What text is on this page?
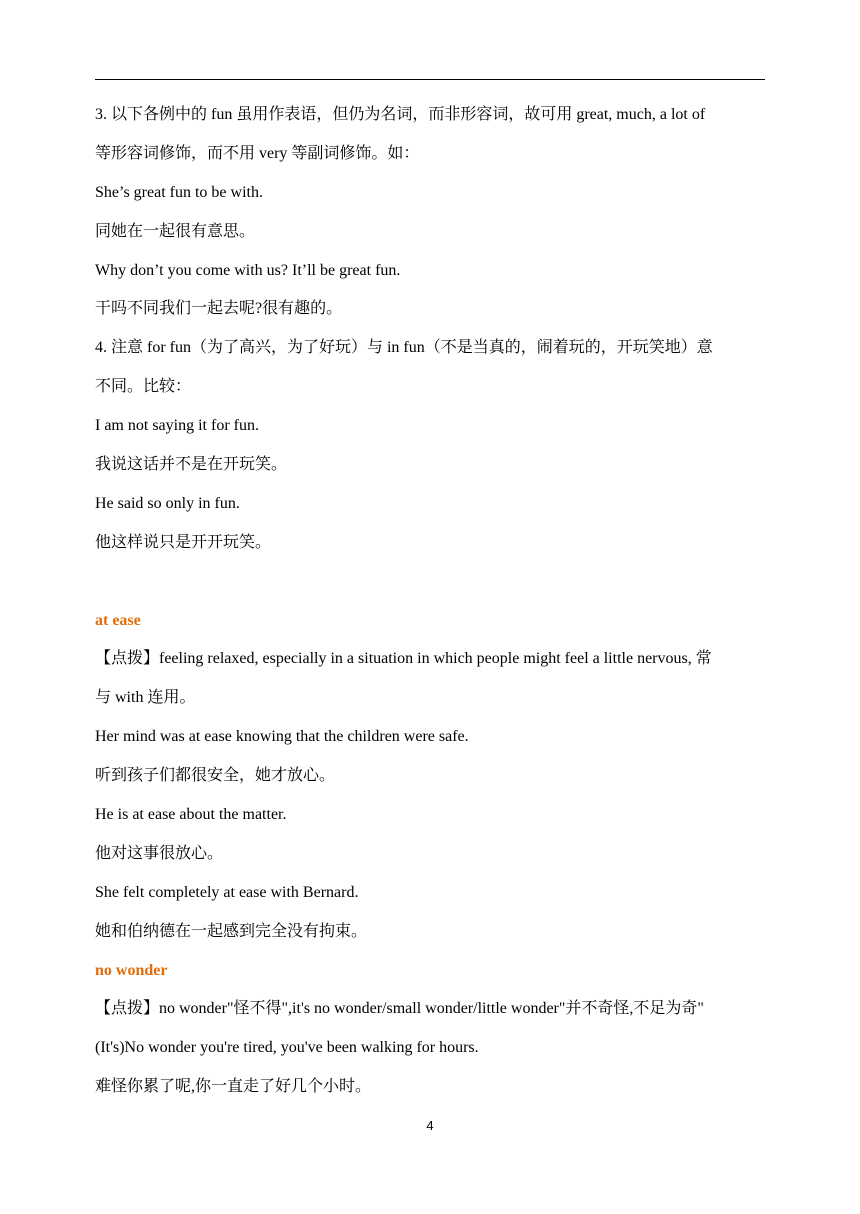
3. 以下各例中的 fun 虽用作表语，但仍为名词，而非形容词，故可用 great, much, a lot of
等形容词修饰，而不用 very 等副词修饰。如：
She’s great fun to be with.
同她在一起很有意思。
Why don’t you come with us? It’ll be great fun.
干吗不同我们一起去呢?很有趣的。
4. 注意 for fun（为了高兴，为了好玩）与 in fun（不是当真的，闹着玩的，开玩笑地）意
不同。比较：
I am not saying it for fun.
我说这话并不是在开玩笑。
He said so only in fun.
他这样说只是开开玩笑。
at ease
【点拨】feeling relaxed, especially in a situation in which people might feel a little nervous, 常
与 with 连用。
Her mind was at ease knowing that the children were safe.
听到孩子们都很安全，她才放心。
He is at ease about the matter.
他对这事很放心。
She felt completely at ease with Bernard.
她和伯纳德在一起感到完全没有拘束。
no wonder
【点拨】no wonder"怪不得",it's no wonder/small wonder/little wonder"并不奇怪,不足为奇"
(It's)No wonder you're tired, you've been walking for hours.
难怪你累了呢,你一直走了好几个小时。
4
